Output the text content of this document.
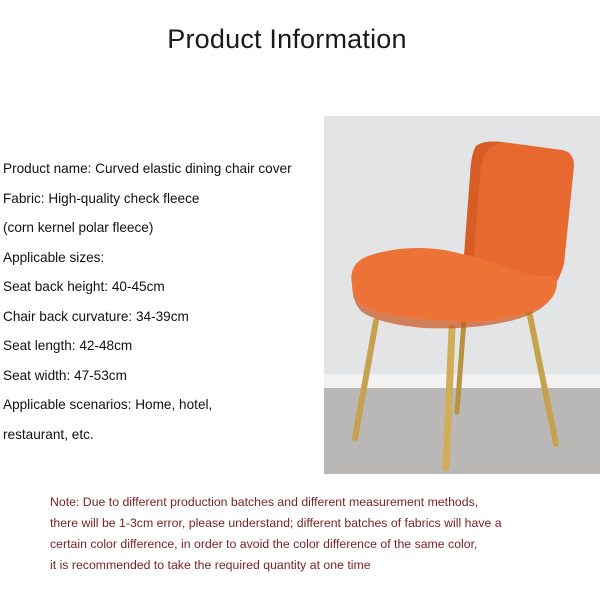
Product Information
Product name: Curved elastic dining chair cover
Fabric: High-quality check fleece
(corn kernel polar fleece)
Applicable sizes:
Seat back height: 40-45cm
Chair back curvature: 34-39cm
Seat length: 42-48cm
Seat width: 47-53cm
Applicable scenarios: Home, hotel,
restaurant, etc.
Note: Due to different production batches and different measurement methods,
there will be 1-3cm error, please understand; different batches of fabrics will have a
certain color difference, in order to avoid the color difference of the same color,
it is recommended to take the required quantity at one time
